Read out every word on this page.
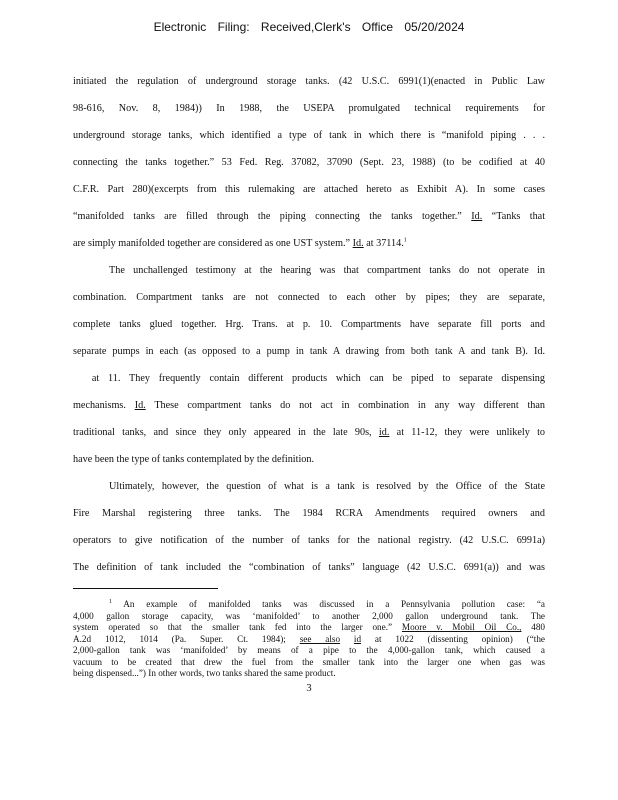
Electronic Filing: Received,Clerk's Office 05/20/2024
initiated the regulation of underground storage tanks. (42 U.S.C. 6991(1)(enacted in Public Law
98-616, Nov. 8, 1984)) In 1988, the USEPA promulgated technical requirements for
underground storage tanks, which identified a type of tank in which there is “manifold piping . . .
connecting the tanks together.” 53 Fed. Reg. 37082, 37090 (Sept. 23, 1988) (to be codified at 40
C.F.R. Part 280)(excerpts from this rulemaking are attached hereto as Exhibit A). In some cases
“manifolded tanks are filled through the piping connecting the tanks together.” Id. “Tanks that
are simply manifolded together are considered as one UST system.” Id. at 37114.$^1$
The unchallenged testimony at the hearing was that compartment tanks do not operate in
combination. Compartment tanks are not connected to each other by pipes; they are separate,
complete tanks glued together. Hrg. Trans. at p. 10. Compartments have separate fill ports and
separate pumps in each (as opposed to a pump in tank A drawing from both tank A and tank B). Id.
at 11. They frequently contain different products which can be piped to separate dispensing
mechanisms. Id. These compartment tanks do not act in combination in any way different than
traditional tanks, and since they only appeared in the late 90s, id. at 11-12, they were unlikely to
have been the type of tanks contemplated by the definition.
Ultimately, however, the question of what is a tank is resolved by the Office of the State
Fire Marshal registering three tanks. The 1984 RCRA Amendments required owners and
operators to give notification of the number of tanks for the national registry. (42 U.S.C. 6991a)
The definition of tank included the “combination of tanks” language (42 U.S.C. 6991(a)) and was
$^1$ An example of manifolded tanks was discussed in a Pennsylvania pollution case: “a
4,000 gallon storage capacity, was ‘manifolded’ to another 2,000 gallon underground tank. The
system operated so that the smaller tank fed into the larger one.” Moore v. Mobil Oil Co., 480
A.2d 1012, 1014 (Pa. Super. Ct. 1984); see also id at 1022 (dissenting opinion) (“the
2,000-gallon tank was ‘manifolded’ by means of a pipe to the 4,000-gallon tank, which caused a
vacuum to be created that drew the fuel from the smaller tank into the larger one when gas was
being dispensed...”) In other words, two tanks shared the same product.
3
